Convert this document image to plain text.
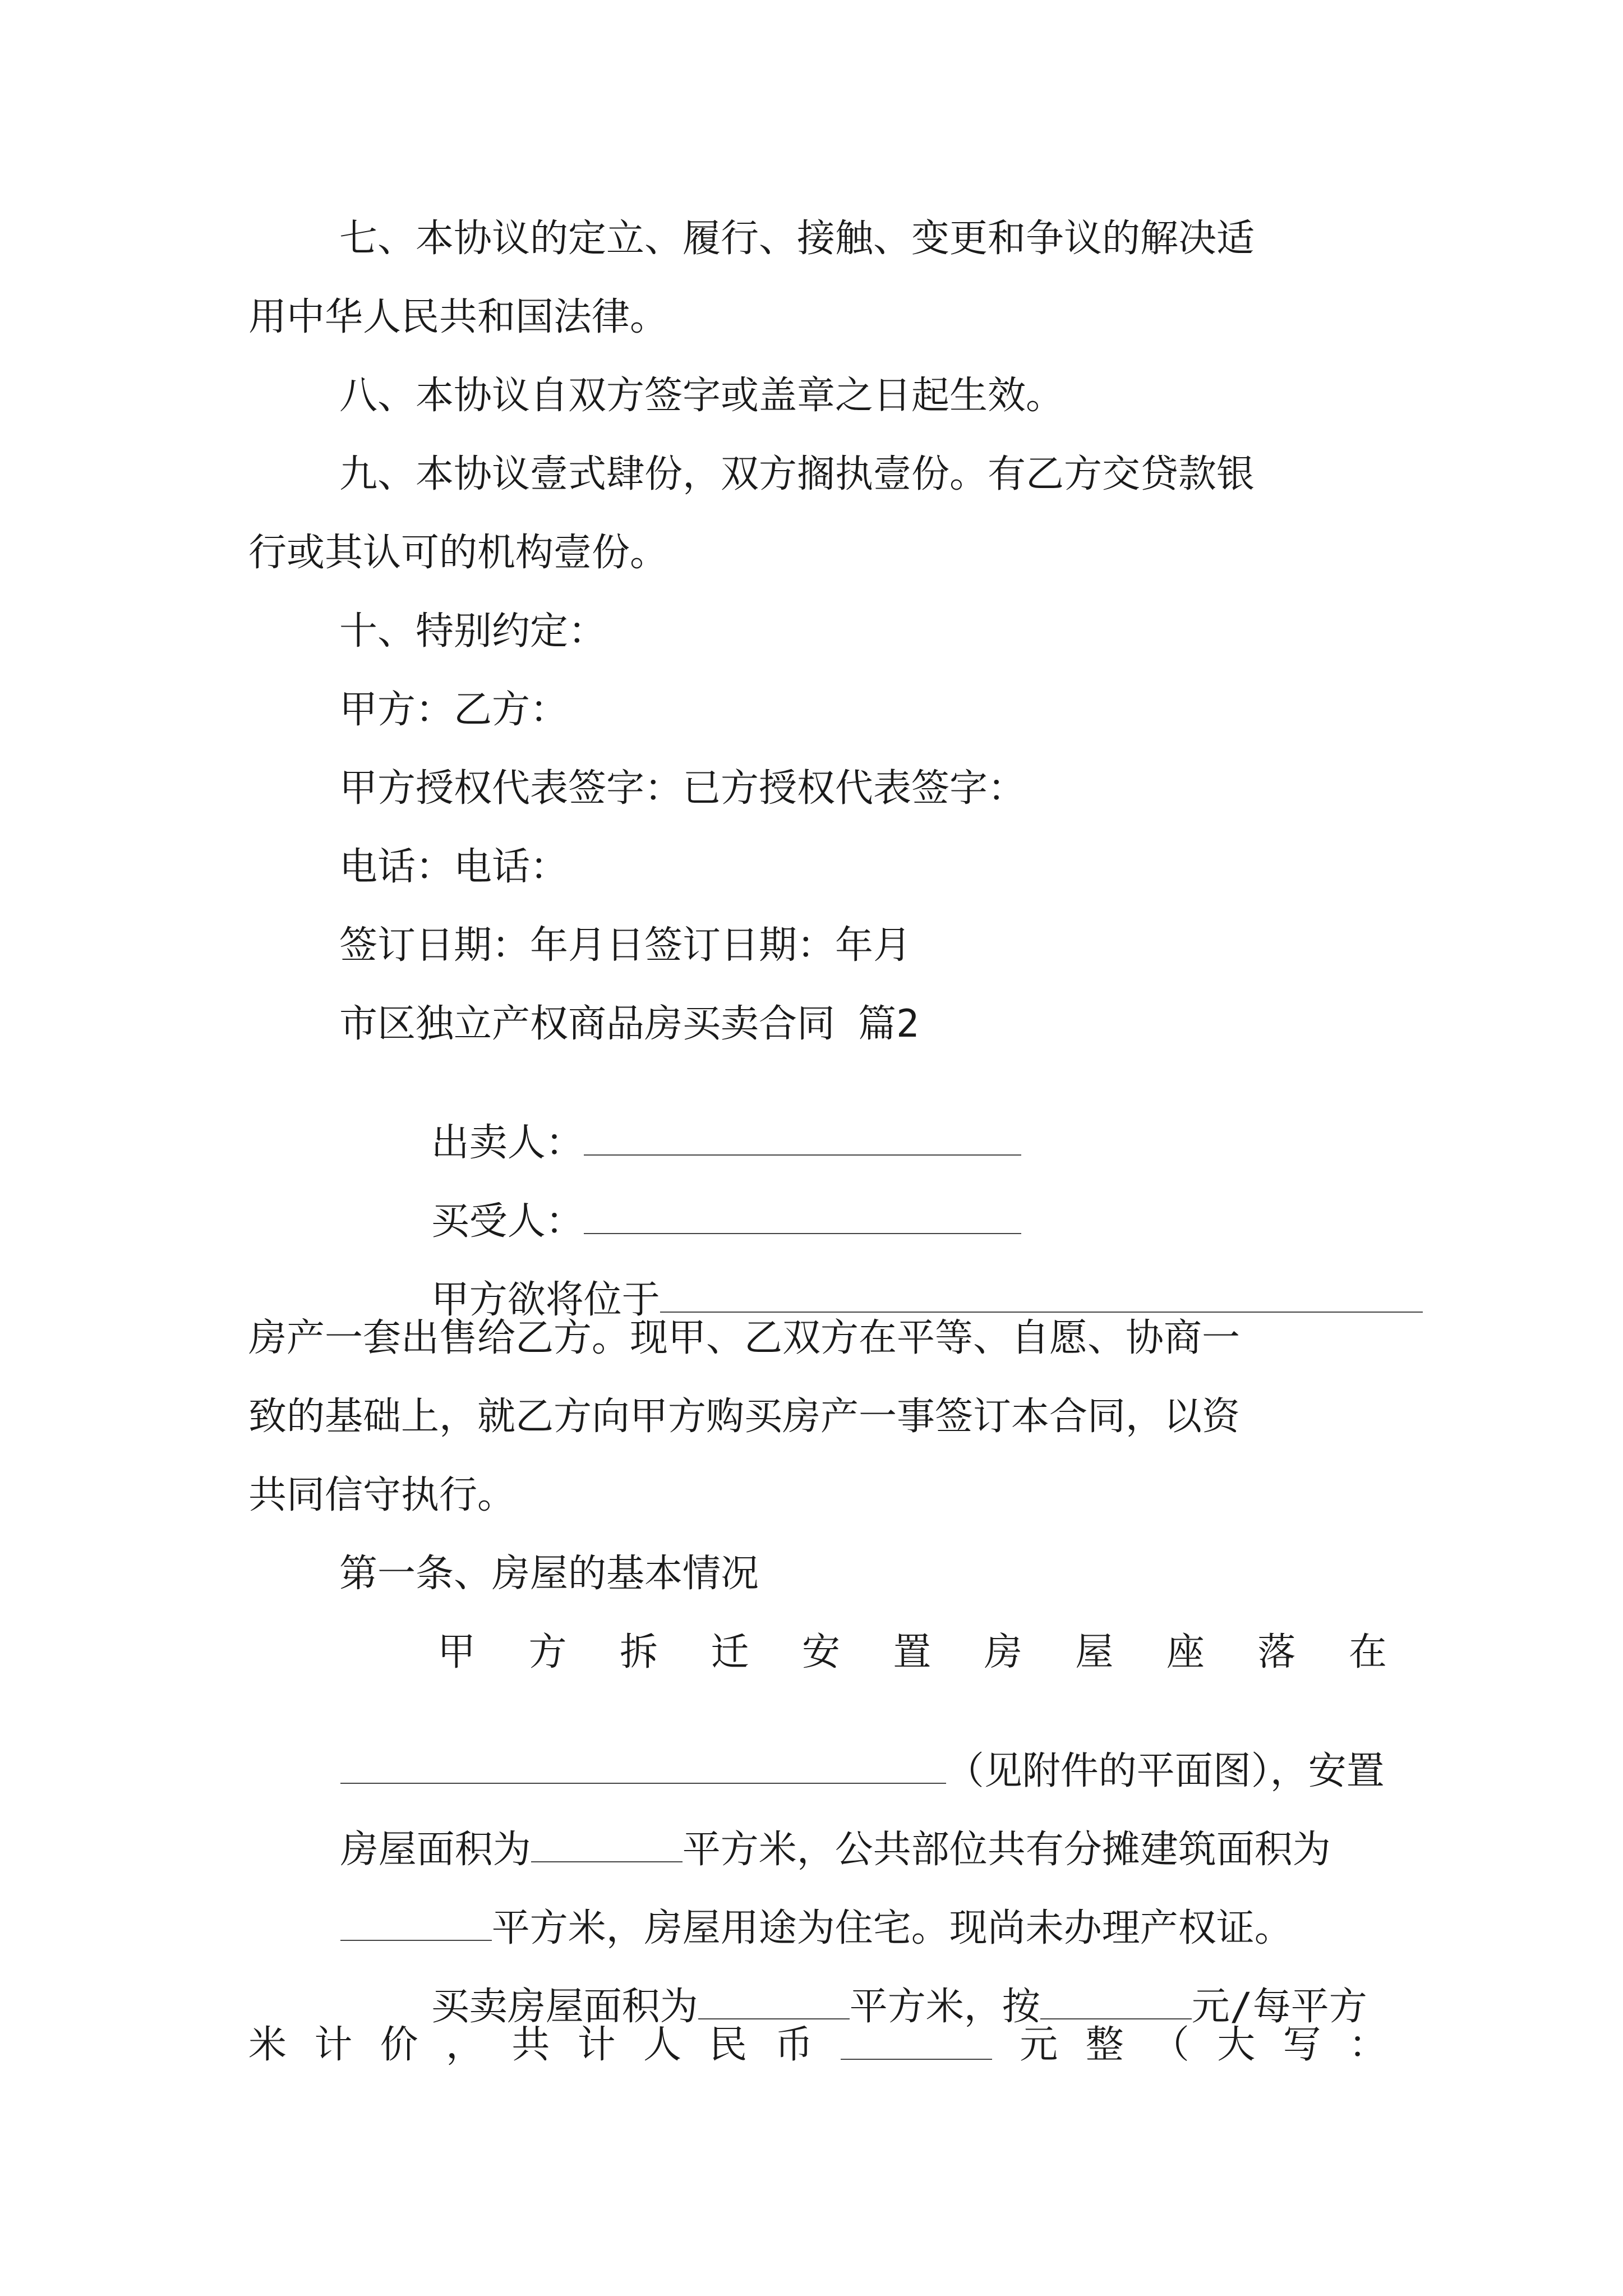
七、本协议的定立、履行、接触、变更和争议的解决适
用中华人民共和国法律。
八、本协议自双方签字或盖章之日起生效。
九、本协议壹式肆份，双方搁执壹份。有乙方交贷款银
行或其认可的机构壹份。
十、特别约定：
甲方：乙方：
甲方授权代表签字：已方授权代表签字：
电话：电话：
签订日期：年月日签订日期：年月
市区独立产权商品房买卖合同 篇2

出卖人：

买受人：

甲方欲将位于

房产一套出售给乙方。现甲、乙双方在平等、自愿、协商一
致的基础上，就乙方向甲方购买房产一事签订本合同，以资
共同信守执行。
第一条、房屋的基本情况
甲 方 拆 迁 安 置 房 屋 座 落 在

（见附件的平面图），安置

房屋面积为	平方米，公共部位共有分摊建筑面积为

平方米，房屋用途为住宅。现尚未办理产权证。

买卖房屋面积为	平方米，按	元/每平方

米 计 价 ， 共 计 人 民 币	元 整 （ 大 写 ：
